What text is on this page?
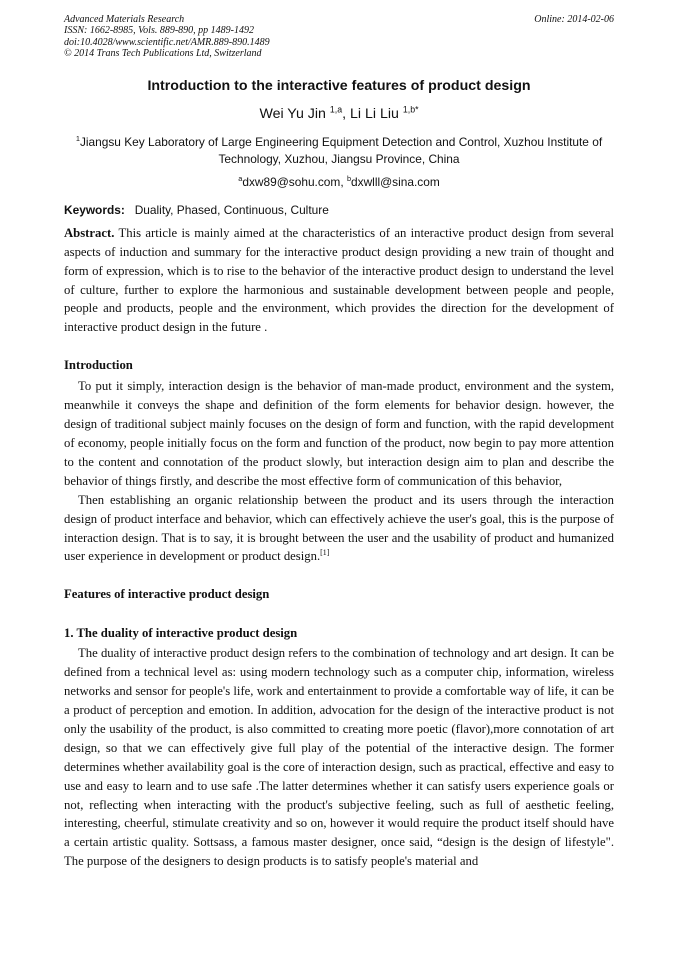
Advanced Materials Research
ISSN: 1662-8985, Vols. 889-890, pp 1489-1492
doi:10.4028/www.scientific.net/AMR.889-890.1489
© 2014 Trans Tech Publications Ltd, Switzerland
Online: 2014-02-06
Introduction to the interactive features of product design
Wei Yu Jin $^{1,a}$, Li Li Liu $^{1,b*}$
$^1$Jiangsu Key Laboratory of Large Engineering Equipment Detection and Control, Xuzhou Institute of Technology, Xuzhou, Jiangsu Province, China
$^a$dxw89@sohu.com, $^b$dxwlll@sina.com
Keywords: Duality, Phased, Continuous, Culture

Abstract. This article is mainly aimed at the characteristics of an interactive product design from several aspects of induction and summary for the interactive product design providing a new train of thought and form of expression, which is to rise to the behavior of the interactive product design to understand the level of culture, further to explore the harmonious and sustainable development between people and people, people and products, people and the environment, which provides the direction for the development of interactive product design in the future .

Introduction

To put it simply, interaction design is the behavior of man-made product, environment and the system, meanwhile it conveys the shape and definition of the form elements for behavior design. however, the design of traditional subject mainly focuses on the design of form and function, with the rapid development of economy, people initially focus on the form and function of the product, now begin to pay more attention to the content and connotation of the product slowly, but interaction design aim to plan and describe the behavior of things firstly, and describe the most effective form of communication of this behavior,

Then establishing an organic relationship between the product and its users through the interaction design of product interface and behavior, which can effectively achieve the user's goal, this is the purpose of interaction design. That is to say, it is brought between the user and the usability of product and humanized user experience in development or product design.[1]

Features of interactive product design
1. The duality of interactive product design

The duality of interactive product design refers to the combination of technology and art design. It can be defined from a technical level as: using modern technology such as a computer chip, information, wireless networks and sensor for people's life, work and entertainment to provide a comfortable way of life, it can be a product of perception and emotion. In addition, advocation for the design of the interactive product is not only the usability of the product, is also committed to creating more poetic (flavor),more connotation of art design, so that we can effectively give full play of the potential of the interactive design. The former determines whether availability goal is the core of interaction design, such as practical, effective and easy to use and easy to learn and to use safe .The latter determines whether it can satisfy users experience goals or not, reflecting when interacting with the product's subjective feeling, such as full of aesthetic feeling, interesting, cheerful, stimulate creativity and so on, however it would require the product itself should have a certain artistic quality. Sottsass, a famous master designer, once said, “design is the design of lifestyle". The purpose of the designers to design products is to satisfy people's material and
